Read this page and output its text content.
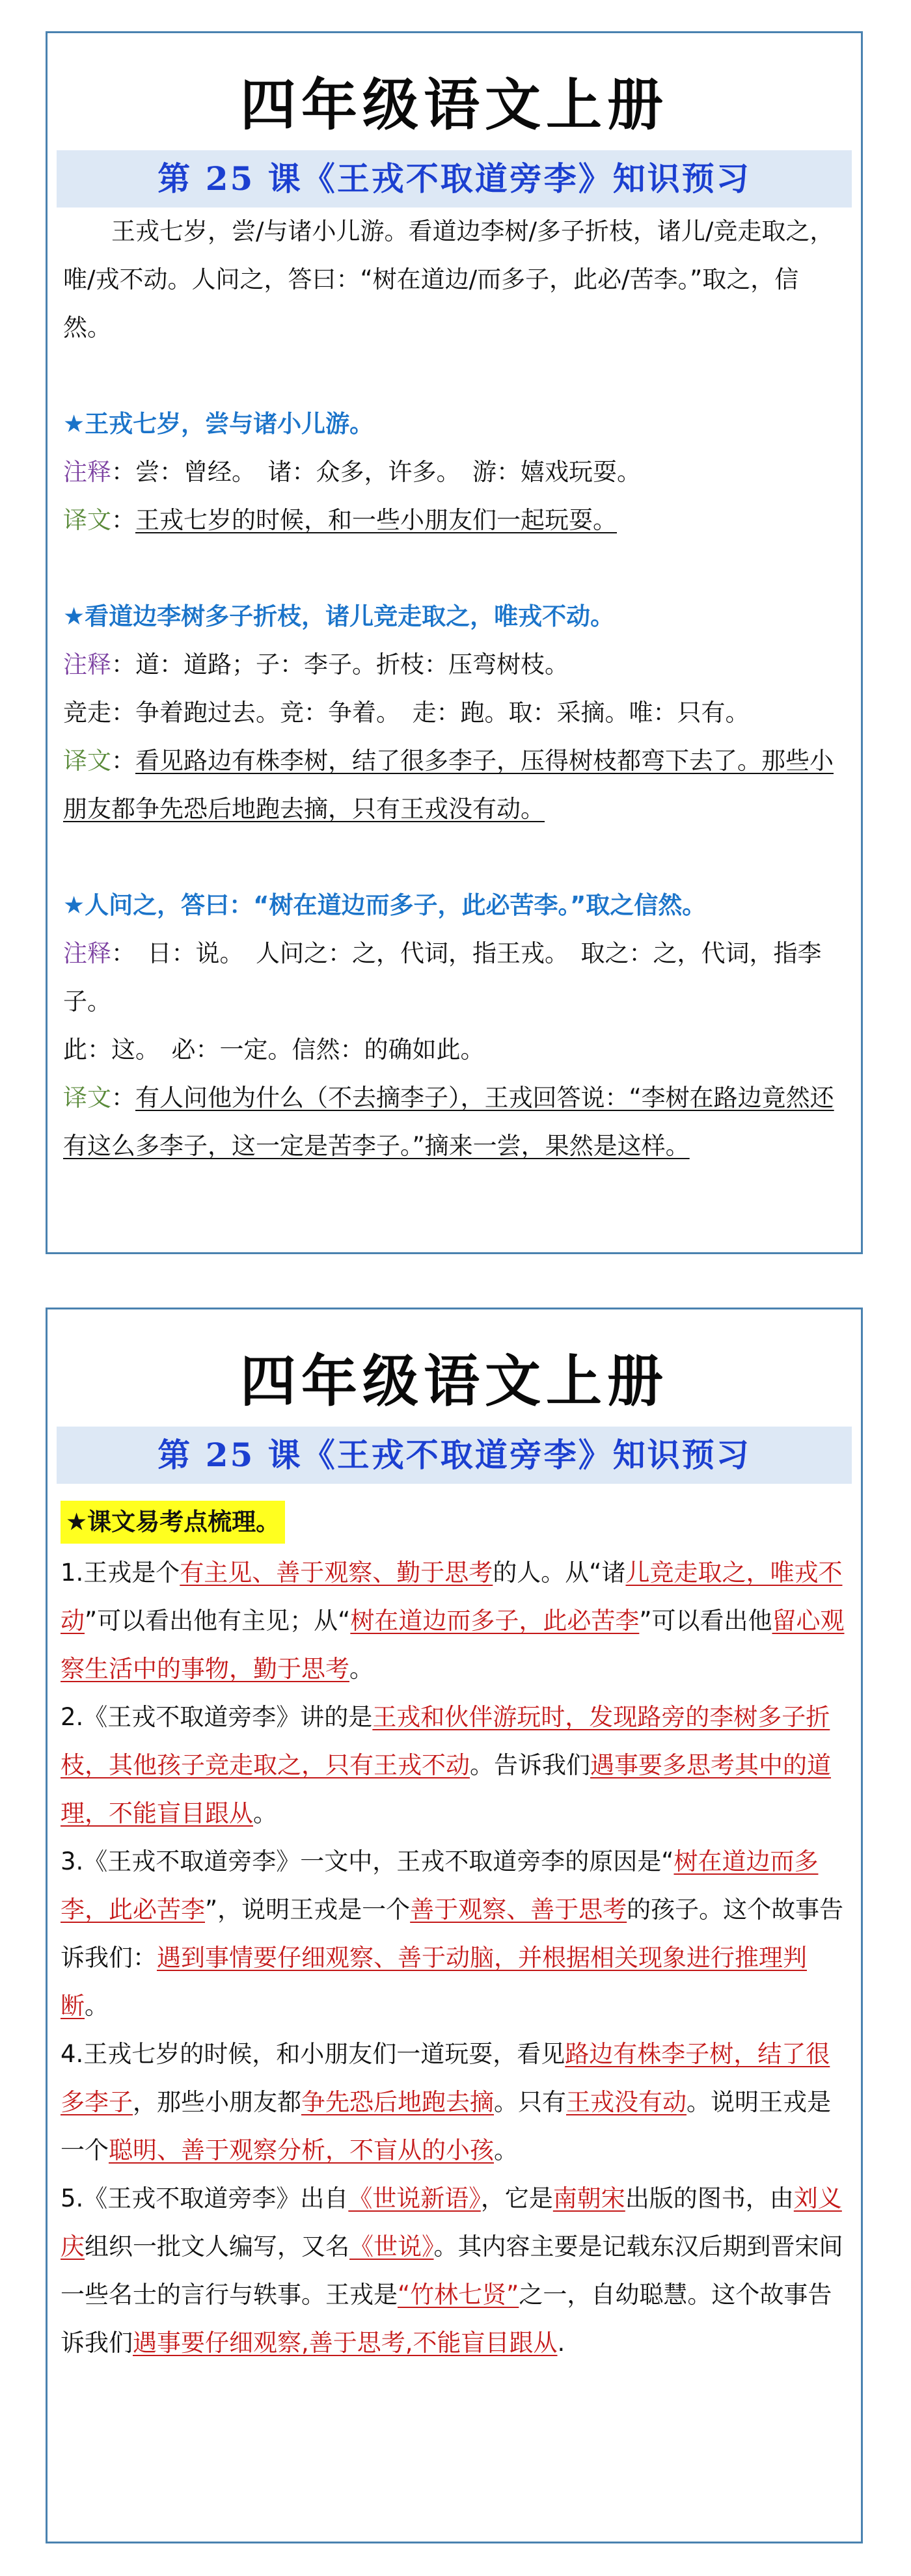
四年级语文上册
第 25 课《王戎不取道旁李》知识预习

王戎七岁，尝/与诸小儿游。看道边李树/多子折枝，诸儿/竞走取之，唯/戎不动。人问之，答曰：“树在道边/而多子，此必/苦李。”取之，信然。

★王戎七岁，尝与诸小儿游。

注释：尝：曾经。　诸：众多，许多。　游：嬉戏玩耍。

译文：王戎七岁的时候，和一些小朋友们一起玩耍。

★看道边李树多子折枝，诸儿竞走取之，唯戎不动。

注释：道：道路；子：李子。折枝：压弯树枝。

竞走：争着跑过去。竞：争着。　走：跑。取：采摘。唯：只有。

译文：看见路边有株李树，结了很多李子，压得树枝都弯下去了。那些小朋友都争先恐后地跑去摘，只有王戎没有动。

★人问之，答曰：“树在道边而多子，此必苦李。”取之信然。

注释：　日：说。　人问之：之，代词，指王戎。　取之：之，代词，指李子。

此：这。　必：一定。信然：的确如此。

译文：有人问他为什么（不去摘李子），王戎回答说：“李树在路边竟然还有这么多李子，这一定是苦李子。”摘来一尝，果然是这样。

四年级语文上册
第 25 课《王戎不取道旁李》知识预习
★课文易考点梳理。

1.王戎是个有主见、善于观察、勤于思考的人。从“诸儿竞走取之，唯戎不动”可以看出他有主见；从“树在道边而多子，此必苦李”可以看出他留心观察生活中的事物，勤于思考。

2.《王戎不取道旁李》讲的是王戎和伙伴游玩时，发现路旁的李树多子折枝，其他孩子竞走取之，只有王戎不动。告诉我们遇事要多思考其中的道理，不能盲目跟从。

3.《王戎不取道旁李》一文中，王戎不取道旁李的原因是“树在道边而多李，此必苦李”，说明王戎是一个善于观察、善于思考的孩子。这个故事告诉我们：遇到事情要仔细观察、善于动脑，并根据相关现象进行推理判断。

4.王戎七岁的时候，和小朋友们一道玩耍，看见路边有株李子树，结了很多李子，那些小朋友都争先恐后地跑去摘。只有王戎没有动。说明王戎是一个聪明、善于观察分析，不盲从的小孩。

5.《王戎不取道旁李》出自《世说新语》，它是南朝宋出版的图书，由刘义庆组织一批文人编写，又名《世说》。其内容主要是记载东汉后期到晋宋间一些名士的言行与轶事。王戎是“竹林七贤”之一，自幼聪慧。这个故事告诉我们遇事要仔细观察,善于思考,不能盲目跟从.
